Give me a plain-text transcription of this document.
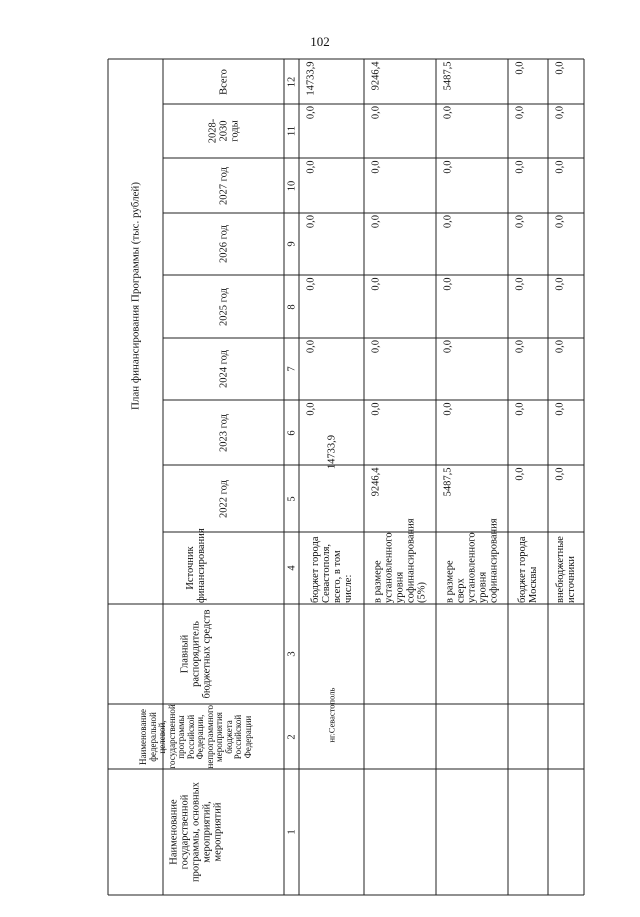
102
Наименование государственной программы, основных мероприятий, мероприятий
Наименование федеральной целевой, государственной программы Российской Федерации, непрограммного мероприятия бюджета Российской Федерации
Главный распорядитель бюджетных средств
Источник финансирования
План финансирования Программы (тыс. рублей)
2022 год
2023 год
2024 год
2025 год
2026 год
2027 год
2028-2030 годы
Всего
1
2
3
4
5
6
7
8
9
10
11
12
нг.Севастополь
бюджет города Севастополя, всего, в том числе:
14733,9
0,0
0,0
0,0
0,0
0,0
0,0
14733,9
в размере установленного уровня софинансирования (5%)
9246,4
0,0
0,0
0,0
0,0
0,0
0,0
9246,4
в размере сверх установленного уровня софинансирования
5487,5
0,0
0,0
0,0
0,0
0,0
0,0
5487,5
бюджет города Москвы
0,0
0,0
0,0
0,0
0,0
0,0
0,0
0,0
внебюджетные источники
0,0
0,0
0,0
0,0
0,0
0,0
0,0
0,0
